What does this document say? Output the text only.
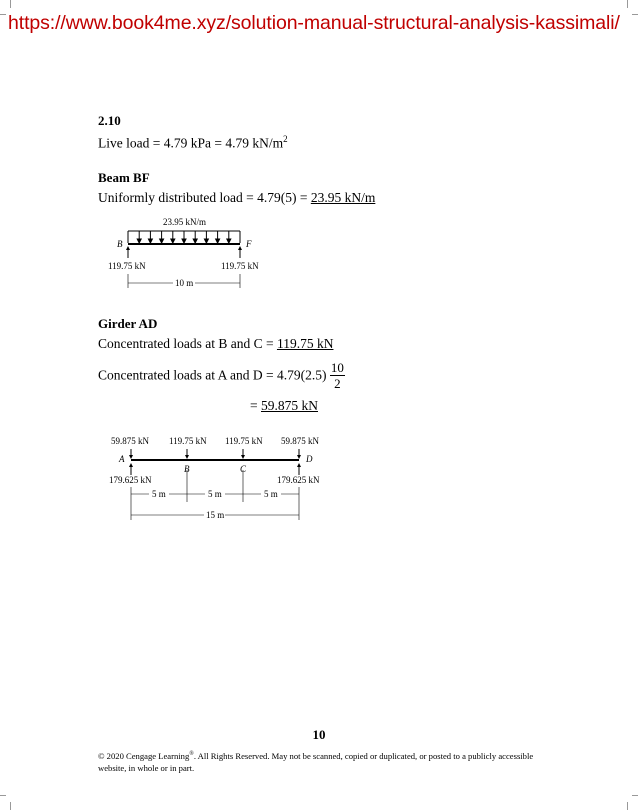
https://www.book4me.xyz/solution-manual-structural-analysis-kassimali/
2.10
Live load = 4.79 kPa = 4.79 $kN/m^2$
Beam BF
Uniformly distributed load = 4.79(5) = 23.95 kN/m
23.95 kN/m
B	F
119.75 kN	119.75 kN
10 m
Girder AD
Concentrated loads at B and C = 119.75 kN
Concentrated loads at A and $D = 4.79(2.5) \frac{10}{2}$
= 59.875 kN
59.875 kN 119.75 kN 119.75 kN 59.875 kN
A	D
B	C
179.625 kN	179.625 kN
5 m	5 m	5 m
15 m
10
© 2020 Cengage Learning®. All Rights Reserved. May not be scanned, copied or duplicated, or posted to a publicly accessible website, in whole or in part.
